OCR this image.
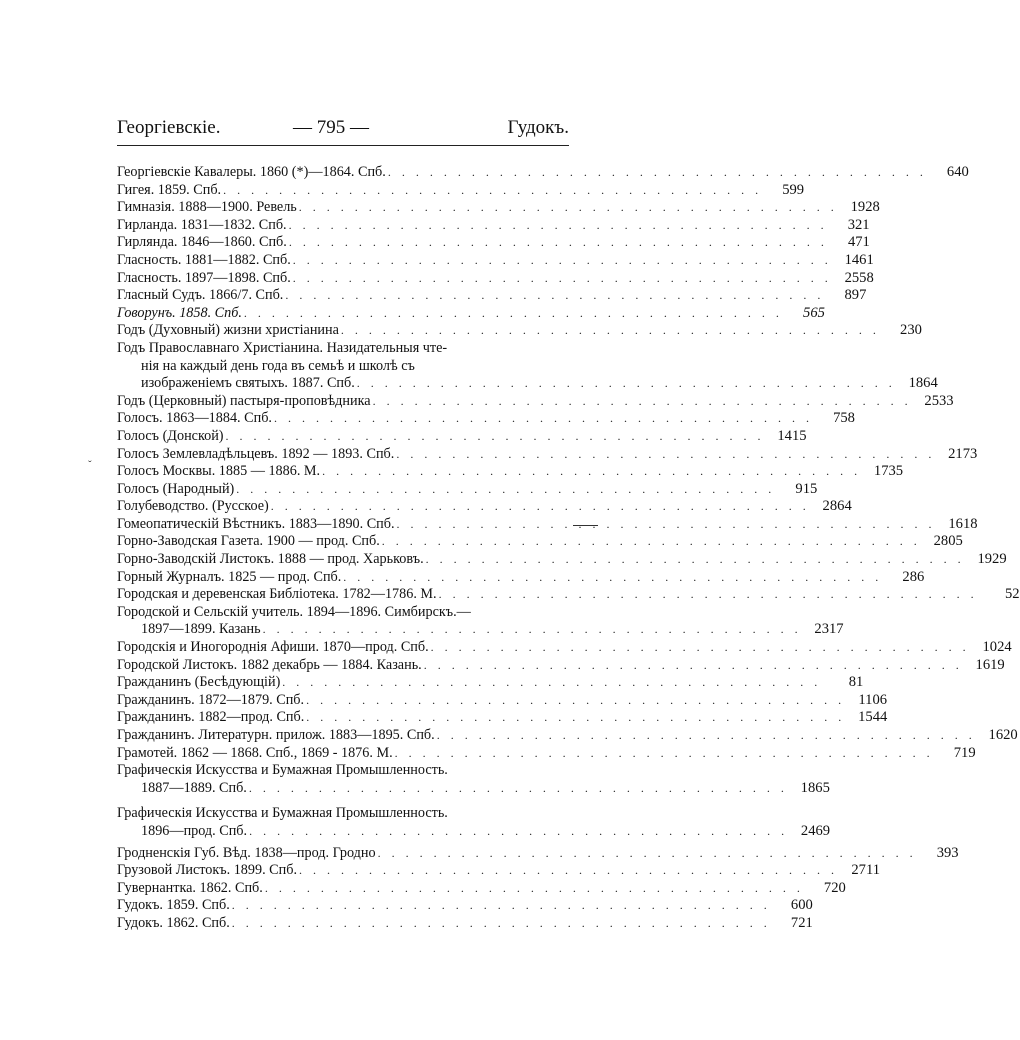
Георгіевскіе.	— 795 —	Гудокъ.
ˇ
Георгіевскіе Кавалеры. 1860 (*)—1864. Спб. . . . . . . . . . . . . . . . . . . . . . . . . . . . . . . . . . . . . . . .	640
Гигея. 1859. Спб. . . . . . . . . . . . . . . . . . . . . . . . . . . . . . . . . . . . . . . .	599
Гимназія. 1888—1900. Ревель . . . . . . . . . . . . . . . . . . . . . . . . . . . . . . . . . . . . . . . 1928
Гирланда. 1831—1832. Спб. . . . . . . . . . . . . . . . . . . . . . . . . . . . . . . . . . . . . . . .	321
Гирлянда. 1846—1860. Спб. . . . . . . . . . . . . . . . . . . . . . . . . . . . . . . . . . . . . . . .	471
Гласность. 1881—1882. Спб. . . . . . . . . . . . . . . . . . . . . . . . . . . . . . . . . . . . . . . . 1461
Гласность. 1897—1898. Спб. . . . . . . . . . . . . . . . . . . . . . . . . . . . . . . . . . . . . . . . 2558
Гласный Судъ. 1866/7. Спб. . . . . . . . . . . . . . . . . . . . . . . . . . . . . . . . . . . . . . . .	897
Говорунъ. 1858. Спб. . . . . . . . . . . . . . . . . . . . . . . . . . . . . . . . . . . . . . . .	565
Годъ (Духовный) жизни христіанина . . . . . . . . . . . . . . . . . . . . . . . . . . . . . . . . . . . . . . .	230
Годъ Православнаго Христіанина. Назидательныя чте-
нія на каждый день года въ семьѣ и школѣ съ
изображеніемъ святыхъ. 1887. Спб. . . . . . . . . . . . . . . . . . . . . . . . . . . . . . . . . . . . . . . . 1864
Годъ (Церковный) пастыря-проповѣдника . . . . . . . . . . . . . . . . . . . . . . . . . . . . . . . . . . . . . . . 2533
Голосъ. 1863—1884. Спб. . . . . . . . . . . . . . . . . . . . . . . . . . . . . . . . . . . . . . . .	758
Голосъ (Донской) . . . . . . . . . . . . . . . . . . . . . . . . . . . . . . . . . . . . . . . 1415
Голосъ Землевладѣльцевъ. 1892 — 1893. Спб. . . . . . . . . . . . . . . . . . . . . . . . . . . . . . . . . . . . . . . . 2173
Голосъ Москвы. 1885 — 1886. М. . . . . . . . . . . . . . . . . . . . . . . . . . . . . . . . . . . . . . . . 1735
Голосъ (Народный) . . . . . . . . . . . . . . . . . . . . . . . . . . . . . . . . . . . . . . .	915
Голубеводство. (Русское) . . . . . . . . . . . . . . . . . . . . . . . . . . . . . . . . . . . . . . . 2864
Гомеопатическій Вѣстникъ. 1883—1890. Спб. . . . . . . . . . . . . . . . . . . . . . . . . . . . . . . . . . . . . . . . 1618
Горно-Заводская Газета. 1900 — прод. Спб. . . . . . . . . . . . . . . . . . . . . . . . . . . . . . . . . . . . . . . . 2805
Горно-Заводскій Листокъ. 1888 — прод. Харьковъ. . . . . . . . . . . . . . . . . . . . . . . . . . . . . . . . . . . . . . . . 1929
Горный Журналъ. 1825 — прод. Спб. . . . . . . . . . . . . . . . . . . . . . . . . . . . . . . . . . . . . . . .	286
Городская и деревенская Библіотека. 1782—1786. М. . . . . . . . . . . . . . . . . . . . . . . . . . . . . . . . . . . . . . . .	52
Городской и Сельскій учитель. 1894—1896. Симбирскъ.—
1897—1899. Казань . . . . . . . . . . . . . . . . . . . . . . . . . . . . . . . . . . . . . . . 2317
Городскія и Иногороднія Афиши. 1870—прод. Спб. . . . . . . . . . . . . . . . . . . . . . . . . . . . . . . . . . . . . . . . 1024
Городской Листокъ. 1882 декабрь — 1884. Казань. . . . . . . . . . . . . . . . . . . . . . . . . . . . . . . . . . . . . . . . 1619
Гражданинъ (Бесѣдующій) . . . . . . . . . . . . . . . . . . . . . . . . . . . . . . . . . . . . . . .	81
Гражданинъ. 1872—1879. Спб. . . . . . . . . . . . . . . . . . . . . . . . . . . . . . . . . . . . . . . . 1106
Гражданинъ. 1882—прод. Спб. . . . . . . . . . . . . . . . . . . . . . . . . . . . . . . . . . . . . . . . 1544
Гражданинъ. Литературн. прилож. 1883—1895. Спб. . . . . . . . . . . . . . . . . . . . . . . . . . . . . . . . . . . . . . . . 1620
Грамотей. 1862 — 1868. Спб., 1869 - 1876. М. . . . . . . . . . . . . . . . . . . . . . . . . . . . . . . . . . . . . . . .	719
Графическія Искусства и Бумажная Промышленность.
1887—1889. Спб. . . . . . . . . . . . . . . . . . . . . . . . . . . . . . . . . . . . . . . . 1865
Графическія Искусства и Бумажная Промышленность.
1896—прод. Спб. . . . . . . . . . . . . . . . . . . . . . . . . . . . . . . . . . . . . . . . 2469
Гродненскія Губ. Вѣд. 1838—прод. Гродно . . . . . . . . . . . . . . . . . . . . . . . . . . . . . . . . . . . . . . .	393
Грузовой Листокъ. 1899. Спб. . . . . . . . . . . . . . . . . . . . . . . . . . . . . . . . . . . . . . . . 2711
Гувернантка. 1862. Спб. . . . . . . . . . . . . . . . . . . . . . . . . . . . . . . . . . . . . . . .	720
Гудокъ. 1859. Спб. . . . . . . . . . . . . . . . . . . . . . . . . . . . . . . . . . . . . . . .	600
Гудокъ. 1862. Спб. . . . . . . . . . . . . . . . . . . . . . . . . . . . . . . . . . . . . . . .	721
